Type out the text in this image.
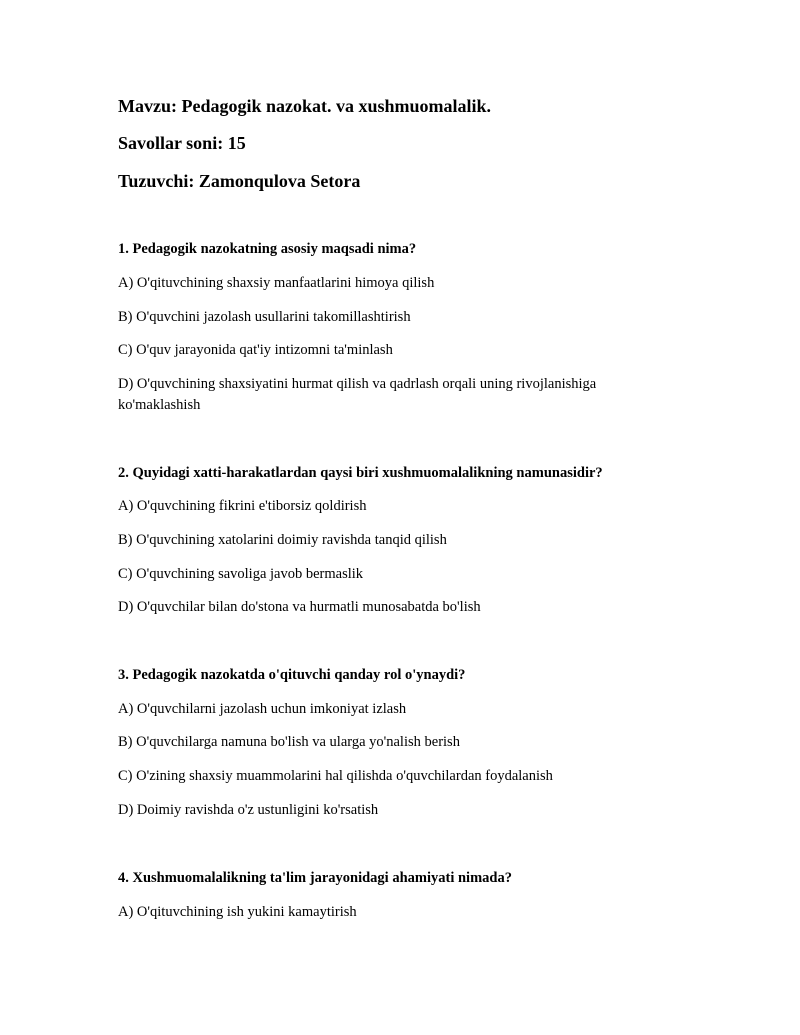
Mavzu: Pedagogik nazokat. va xushmuomalalik.
Savollar soni: 15
Tuzuvchi: Zamonqulova Setora
1. Pedagogik nazokatning asosiy maqsadi nima?
A) O'qituvchining shaxsiy manfaatlarini himoya qilish
B) O'quvchini jazolash usullarini takomillashtirish
C) O'quv jarayonida qat'iy intizomni ta'minlash
D) O'quvchining shaxsiyatini hurmat qilish va qadrlash orqali uning rivojlanishiga ko'maklashish
2. Quyidagi xatti-harakatlardan qaysi biri xushmuomalalikning namunasidir?
A) O'quvchining fikrini e'tiborsiz qoldirish
B) O'quvchining xatolarini doimiy ravishda tanqid qilish
C) O'quvchining savoliga javob bermaslik
D) O'quvchilar bilan do'stona va hurmatli munosabatda bo'lish
3. Pedagogik nazokatda o'qituvchi qanday rol o'ynaydi?
A) O'quvchilarni jazolash uchun imkoniyat izlash
B) O'quvchilarga namuna bo'lish va ularga yo'nalish berish
C) O'zining shaxsiy muammolarini hal qilishda o'quvchilardan foydalanish
D) Doimiy ravishda o'z ustunligini ko'rsatish
4. Xushmuomalalikning ta'lim jarayonidagi ahamiyati nimada?
A) O'qituvchining ish yukini kamaytirish
